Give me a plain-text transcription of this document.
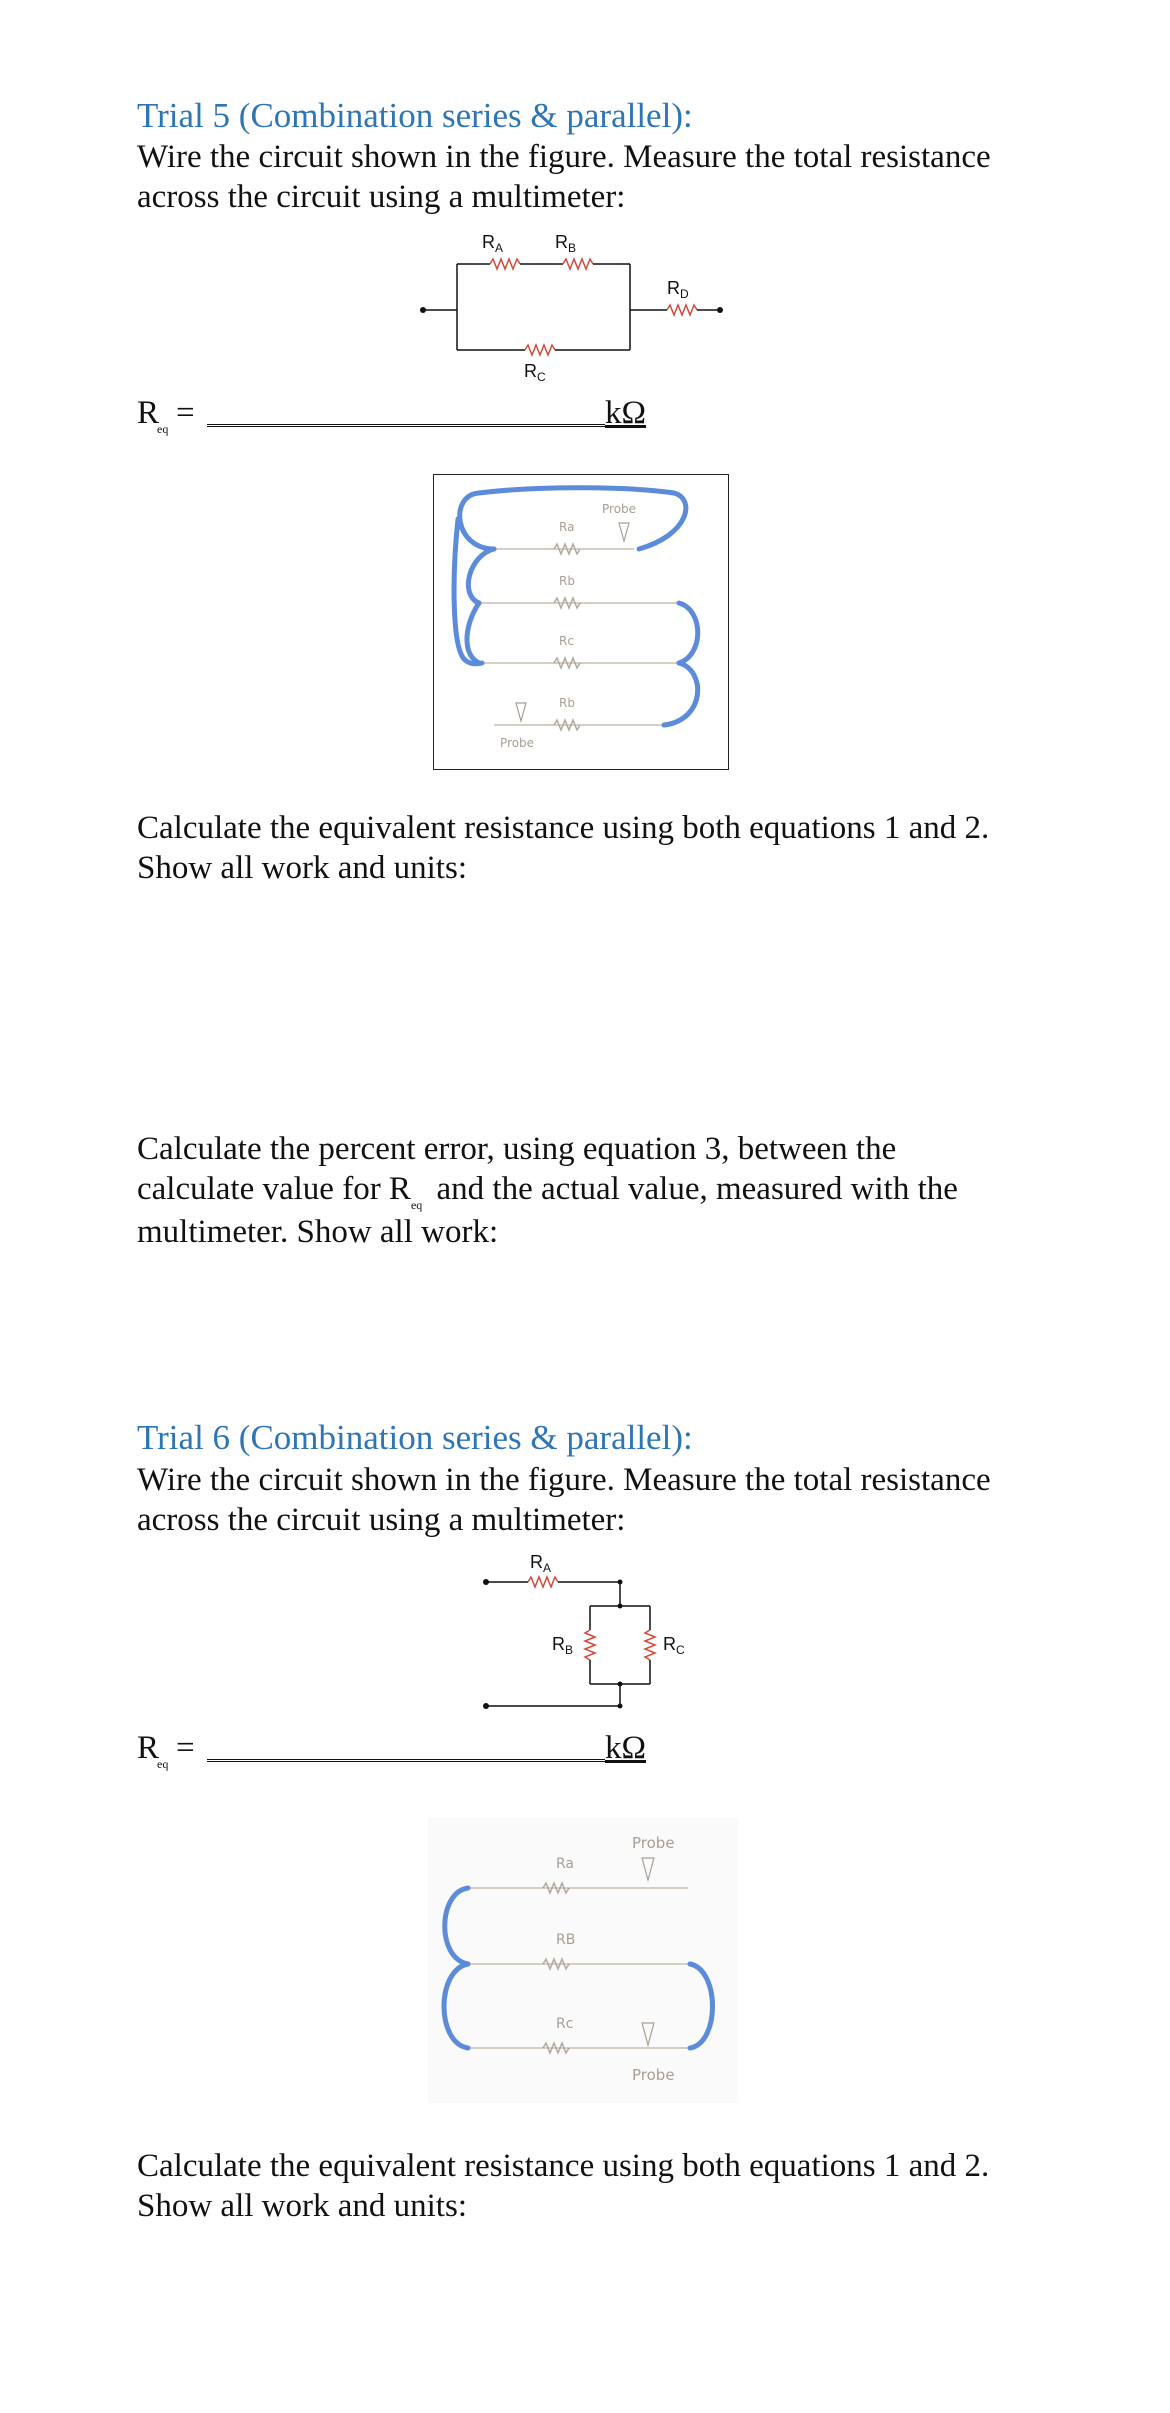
Trial 5 (Combination series & parallel):
Wire the circuit shown in the figure. Measure the total resistance
across the circuit using a multimeter:
$R_A$	$R_B$
$R_C$
$R_D$
$R_{eq}$ =	kΩ
Ra
Rb
Rc
Rb
Probe
Probe
Calculate the equivalent resistance using both equations 1 and 2.
Show all work and units:
Calculate the percent error, using equation 3, between the
calculate value for $R_{eq}$ and the actual value, measured with the
multimeter. Show all work:
Trial 6 (Combination series & parallel):
Wire the circuit shown in the figure. Measure the total resistance
across the circuit using a multimeter:
$R_A$
$R_B$	$R_C$
$R_{eq}$ =	kΩ
Ra
RB
Rc
Probe
Probe
Calculate the equivalent resistance using both equations 1 and 2.
Show all work and units:
